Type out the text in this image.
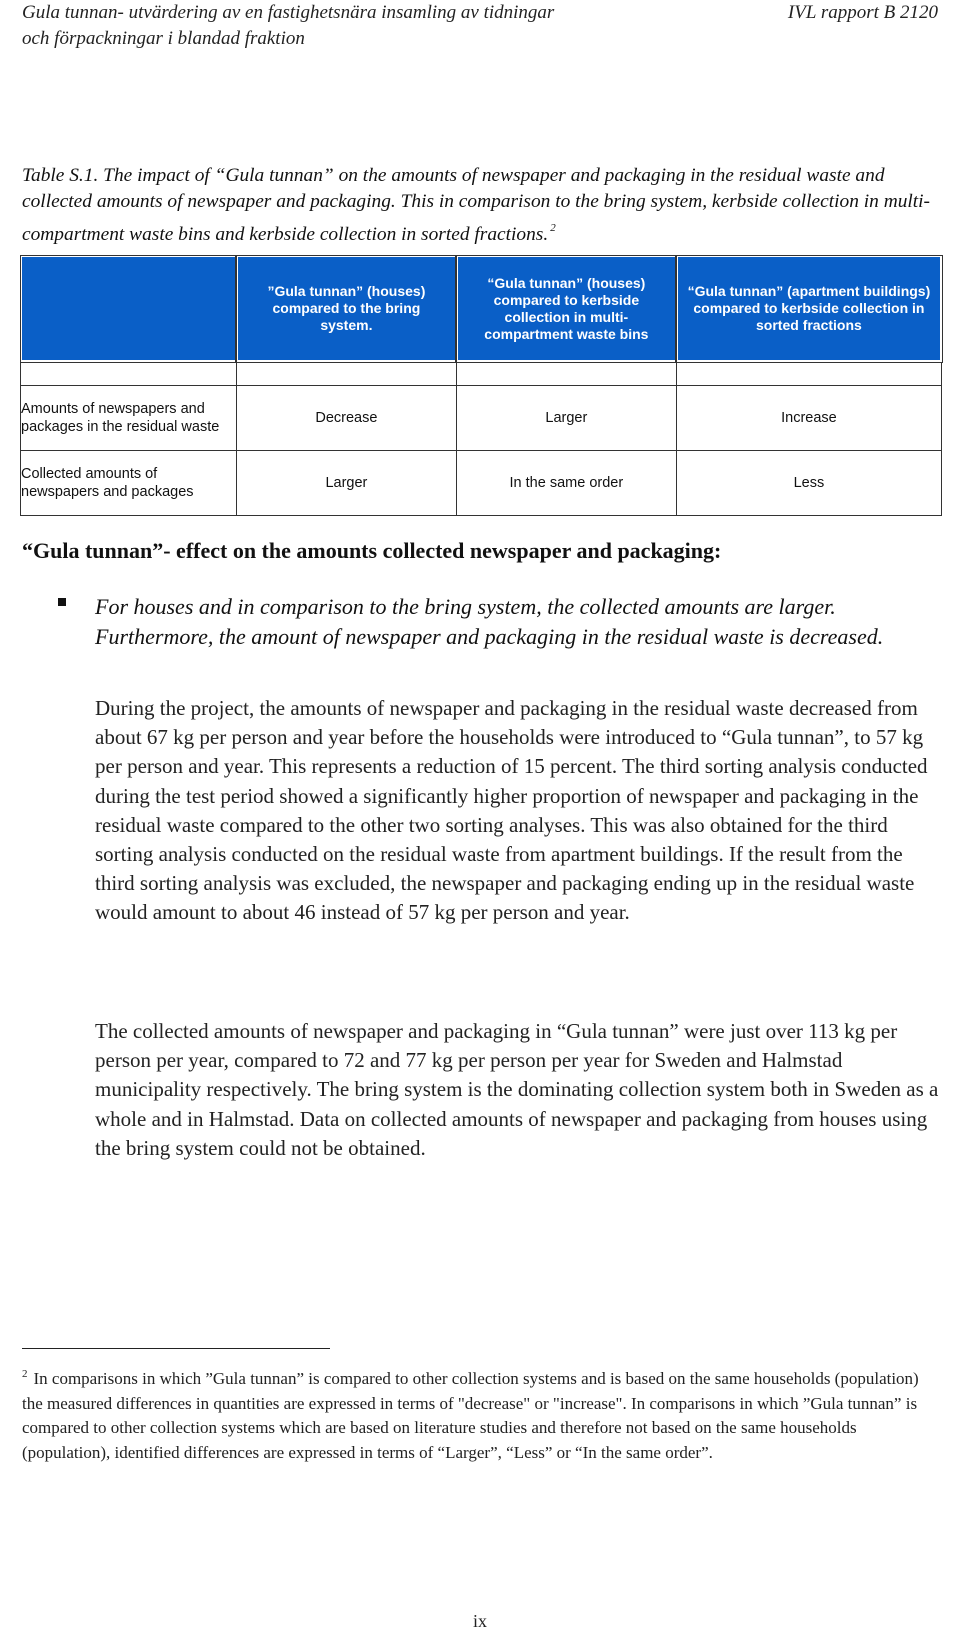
Gula tunnan- utvärdering av en fastighetsnära insamling av tidningar
och förpackningar i blandad fraktion
IVL rapport B 2120
Table S.1. The impact of “Gula tunnan” on the amounts of newspaper and packaging in the residual waste and collected amounts of newspaper and packaging. This in comparison to the bring system, kerbside collection in multi-compartment waste bins and kerbside collection in sorted fractions. $^2$
	”Gula tunnan” (houses) compared to the bring system.	“Gula tunnan” (houses) compared to kerbside collection in multi-compartment waste bins	“Gula tunnan” (apartment buildings) compared to kerbside collection in sorted fractions

Amounts of newspapers and packages in the residual waste	Decrease	Larger	Increase

Collected amounts of newspapers and packages	Larger	In the same order	Less
“Gula tunnan”- effect on the amounts collected newspaper and packaging:
For houses and in comparison to the bring system, the collected amounts are larger. Furthermore, the amount of newspaper and packaging in the residual waste is decreased.
During the project, the amounts of newspaper and packaging in the residual waste decreased from about 67 kg per person and year before the households were introduced to “Gula tunnan”, to 57 kg per person and year. This represents a reduction of 15 percent. The third sorting analysis conducted during the test period showed a significantly higher proportion of newspaper and packaging in the residual waste compared to the other two sorting analyses. This was also obtained for the third sorting analysis conducted on the residual waste from apartment buildings. If the result from the third sorting analysis was excluded, the newspaper and packaging ending up in the residual waste would amount to about 46 instead of 57 kg per person and year.
The collected amounts of newspaper and packaging in “Gula tunnan” were just over 113 kg per person per year, compared to 72 and 77 kg per person per year for Sweden and Halmstad municipality respectively. The bring system is the dominating collection system both in Sweden as a whole and in Halmstad. Data on collected amounts of newspaper and packaging from houses using the bring system could not be obtained.
$^2$ In comparisons in which ”Gula tunnan” is compared to other collection systems and is based on the same households (population) the measured differences in quantities are expressed in terms of "decrease" or "increase". In comparisons in which ”Gula tunnan” is compared to other collection systems which are based on literature studies and therefore not based on the same households (population), identified differences are expressed in terms of “Larger”, “Less” or “In the same order”.
ix
